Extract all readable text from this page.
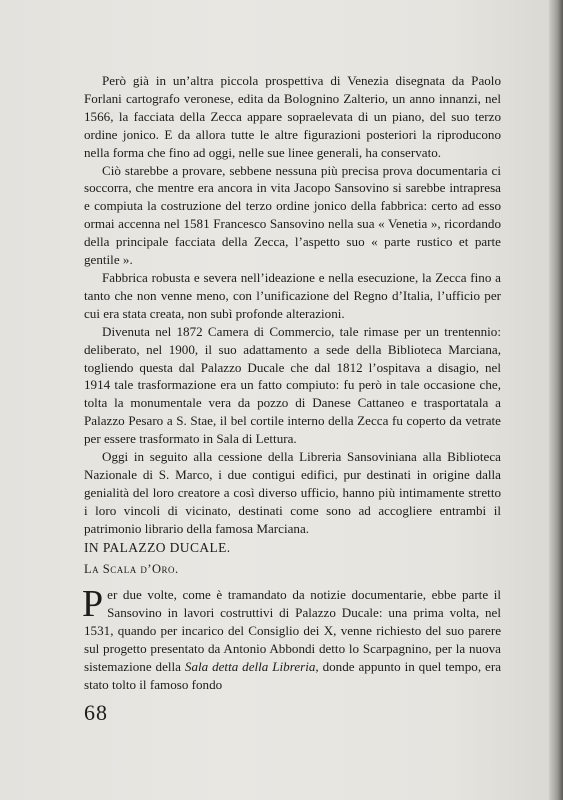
Però già in un’altra piccola prospettiva di Venezia disegnata da Paolo Forlani cartografo veronese, edita da Bolognino Zalterio, un anno innanzi, nel 1566, la facciata della Zecca appare sopraelevata di un piano, del suo terzo ordine jonico. E da allora tutte le altre figurazioni posteriori la riproducono nella forma che fino ad oggi, nelle sue linee generali, ha conservato.

Ciò starebbe a provare, sebbene nessuna più precisa prova documentaria ci soccorra, che mentre era ancora in vita Jacopo Sansovino si sarebbe intrapresa e compiuta la costruzione del terzo ordine jonico della fabbrica: certo ad esso ormai accenna nel 1581 Francesco Sansovino nella sua « Venetia », ricordando della principale facciata della Zecca, l’aspetto suo « parte rustico et parte gentile ».

Fabbrica robusta e severa nell’ideazione e nella esecuzione, la Zecca fino a tanto che non venne meno, con l’unificazione del Regno d’Italia, l’ufficio per cui era stata creata, non subì profonde alterazioni.

Divenuta nel 1872 Camera di Commercio, tale rimase per un trentennio: deliberato, nel 1900, il suo adattamento a sede della Biblioteca Marciana, togliendo questa dal Palazzo Ducale che dal 1812 l’ospitava a disagio, nel 1914 tale trasformazione era un fatto compiuto: fu però in tale occasione che, tolta la monumentale vera da pozzo di Danese Cattaneo e trasportatala a Palazzo Pesaro a S. Stae, il bel cortile interno della Zecca fu coperto da vetrate per essere trasformato in Sala di Lettura.

Oggi in seguito alla cessione della Libreria Sansoviniana alla Biblioteca Nazionale di S. Marco, i due contigui edifici, pur destinati in origine dalla genialità del loro creatore a così diverso ufficio, hanno più intimamente stretto i loro vincoli di vicinato, destinati come sono ad accogliere entrambi il patrimonio librario della famosa Marciana.

IN PALAZZO DUCALE.
La Scala d’Oro.

Per due volte, come è tramandato da notizie documentarie, ebbe parte il Sansovino in lavori costruttivi di Palazzo Ducale: una prima volta, nel 1531, quando per incarico del Consiglio dei X, venne richiesto del suo parere sul progetto presentato da Antonio Abbondi detto lo Scarpagnino, per la nuova sistemazione della Sala detta della Libreria, donde appunto in quel tempo, era stato tolto il famoso fondo

68
